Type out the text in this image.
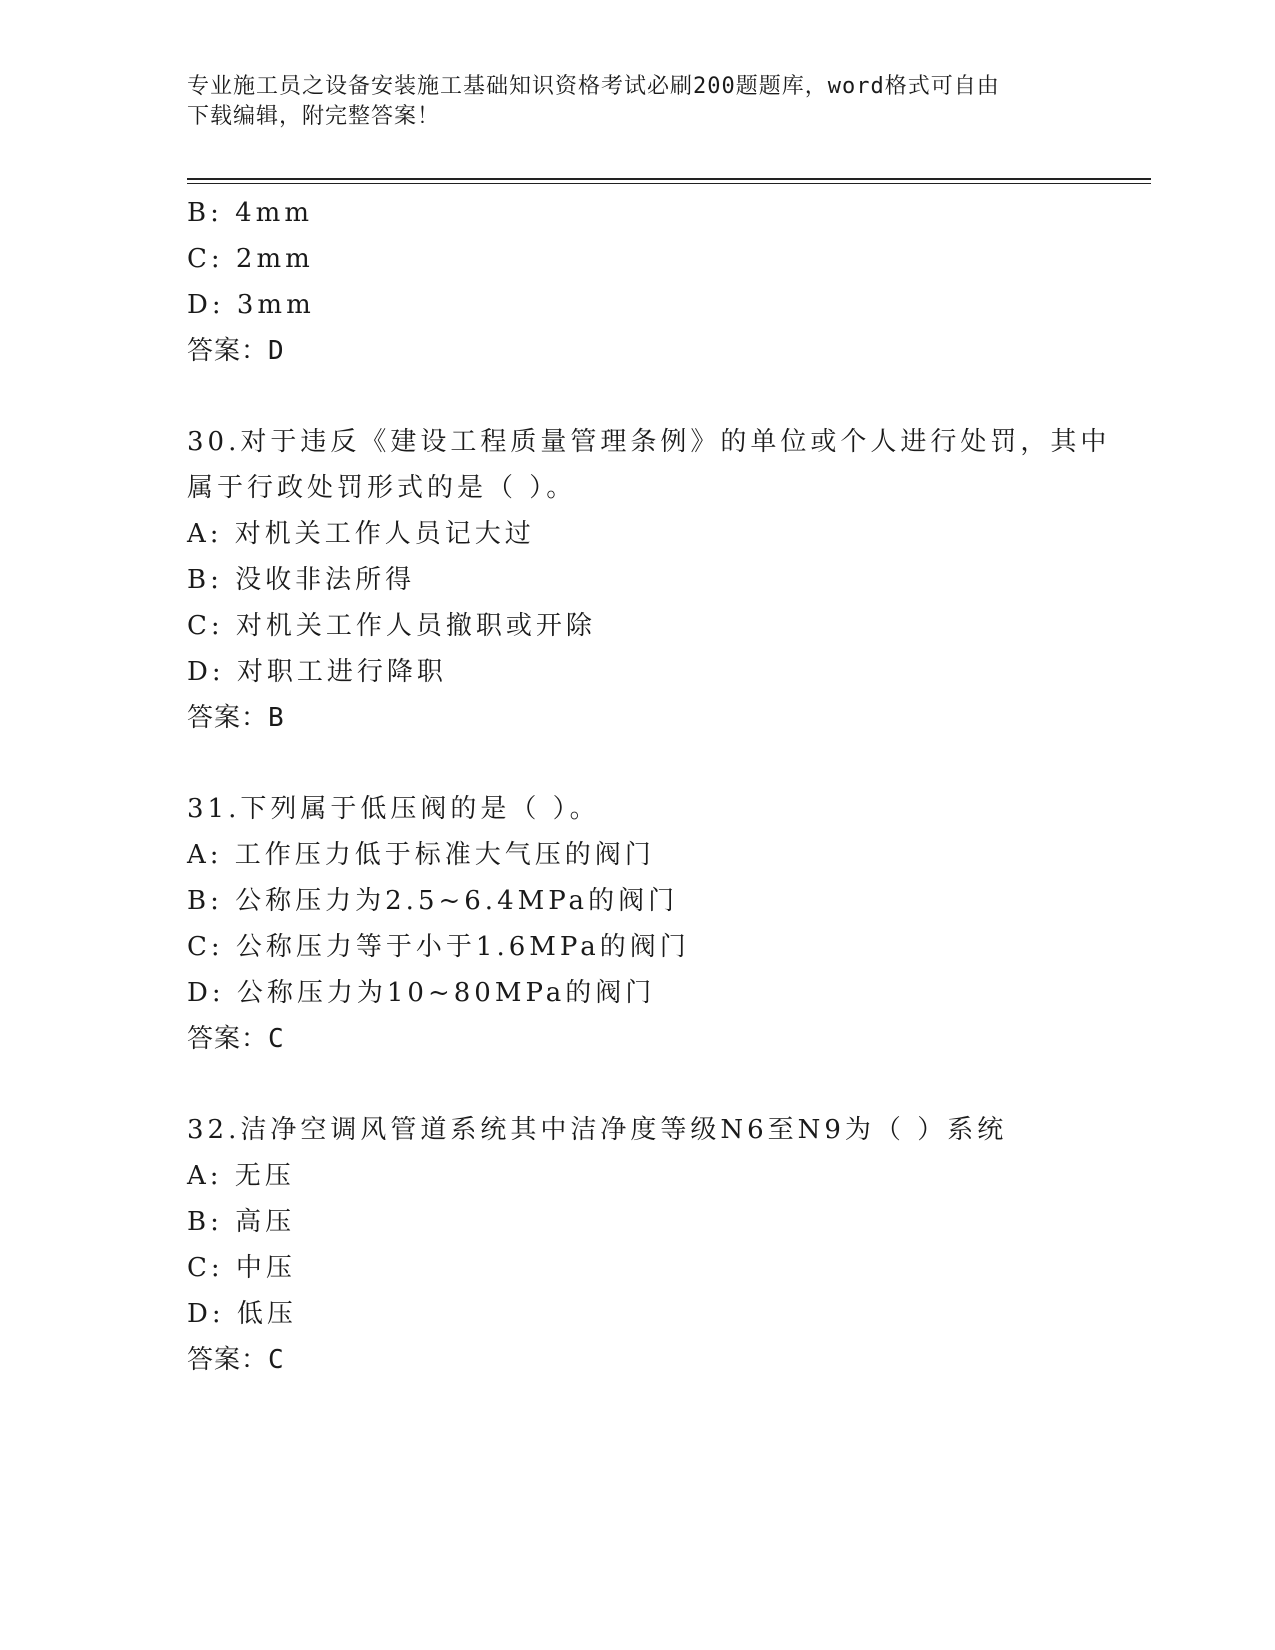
专业施工员之设备安装施工基础知识资格考试必刷200题题库，word格式可自由
下载编辑，附完整答案！
B: 4mm
C: 2mm
D: 3mm
答案：D
30.对于违反《建设工程质量管理条例》的单位或个人进行处罚，其中
属于行政处罚形式的是（ ）。
A: 对机关工作人员记大过
B: 没收非法所得
C: 对机关工作人员撤职或开除
D: 对职工进行降职
答案：B
31.下列属于低压阀的是（ ）。
A: 工作压力低于标准大气压的阀门
B: 公称压力为2.5~6.4MPa的阀门
C: 公称压力等于小于1.6MPa的阀门
D: 公称压力为10~80MPa的阀门
答案：C
32.洁净空调风管道系统其中洁净度等级N6至N9为（ ）系统
A: 无压
B: 高压
C: 中压
D: 低压
答案：C
